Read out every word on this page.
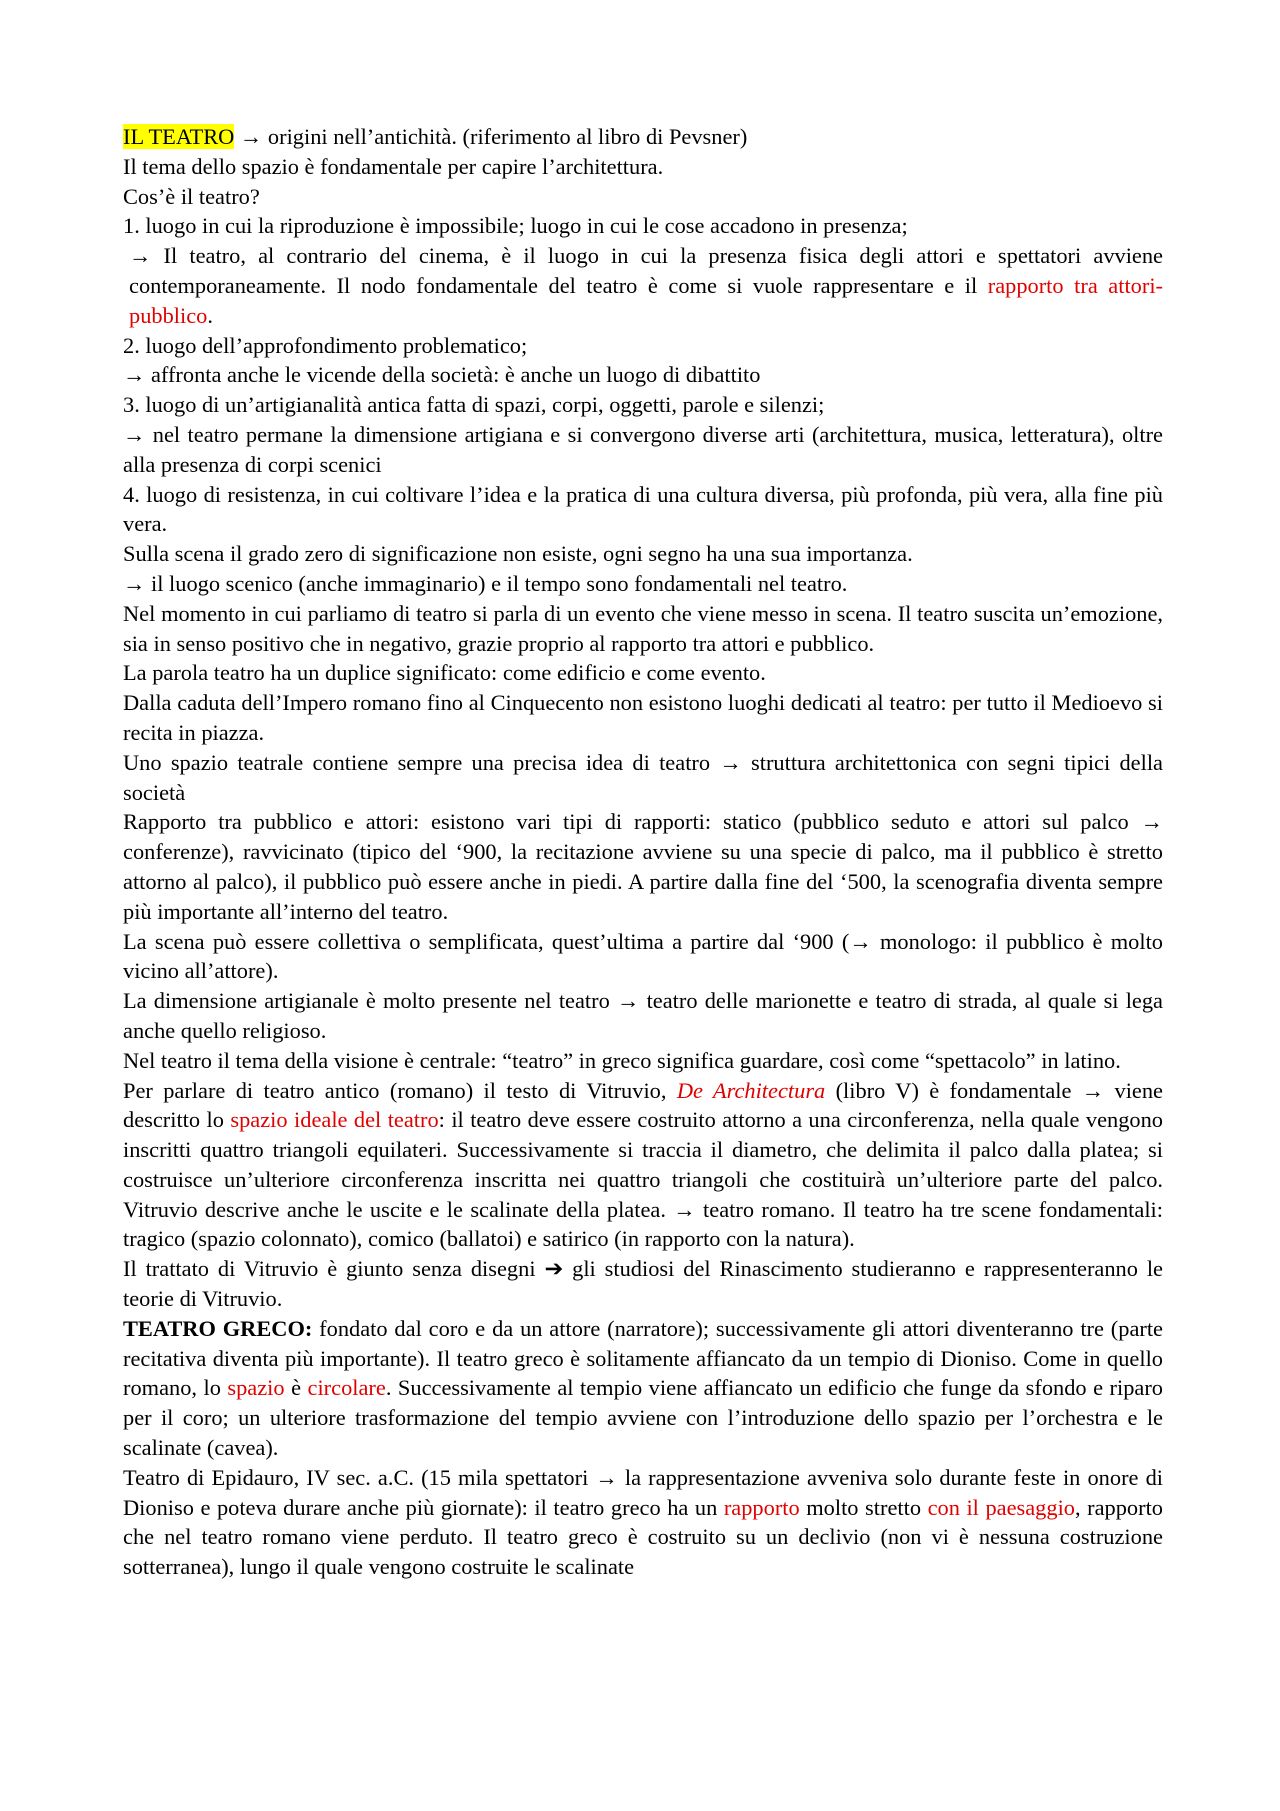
IL TEATRO → origini nell’antichità. (riferimento al libro di Pevsner)

Il tema dello spazio è fondamentale per capire l’architettura.

Cos’è il teatro?

1. luogo in cui la riproduzione è impossibile; luogo in cui le cose accadono in presenza;

→ Il teatro, al contrario del cinema, è il luogo in cui la presenza fisica degli attori e spettatori avviene contemporaneamente. Il nodo fondamentale del teatro è come si vuole rappresentare e il rapporto tra attori-pubblico.

2. luogo dell’approfondimento problematico;

→ affronta anche le vicende della società: è anche un luogo di dibattito

3. luogo di un’artigianalità antica fatta di spazi, corpi, oggetti, parole e silenzi;

→ nel teatro permane la dimensione artigiana e si convergono diverse arti (architettura, musica, letteratura), oltre alla presenza di corpi scenici

4. luogo di resistenza, in cui coltivare l’idea e la pratica di una cultura diversa, più profonda, più vera, alla fine più vera.

Sulla scena il grado zero di significazione non esiste, ogni segno ha una sua importanza.

→ il luogo scenico (anche immaginario) e il tempo sono fondamentali nel teatro.

Nel momento in cui parliamo di teatro si parla di un evento che viene messo in scena. Il teatro suscita un’emozione, sia in senso positivo che in negativo, grazie proprio al rapporto tra attori e pubblico.

La parola teatro ha un duplice significato: come edificio e come evento.

Dalla caduta dell’Impero romano fino al Cinquecento non esistono luoghi dedicati al teatro: per tutto il Medioevo si recita in piazza.

Uno spazio teatrale contiene sempre una precisa idea di teatro → struttura architettonica con segni tipici della società

Rapporto tra pubblico e attori: esistono vari tipi di rapporti: statico (pubblico seduto e attori sul palco → conferenze), ravvicinato (tipico del ‘900, la recitazione avviene su una specie di palco, ma il pubblico è stretto attorno al palco), il pubblico può essere anche in piedi. A partire dalla fine del ‘500, la scenografia diventa sempre più importante all’interno del teatro.

La scena può essere collettiva o semplificata, quest’ultima a partire dal ‘900 (→ monologo: il pubblico è molto vicino all’attore).

La dimensione artigianale è molto presente nel teatro → teatro delle marionette e teatro di strada, al quale si lega anche quello religioso.

Nel teatro il tema della visione è centrale: “teatro” in greco significa guardare, così come “spettacolo” in latino.

Per parlare di teatro antico (romano) il testo di Vitruvio, De Architectura (libro V) è fondamentale → viene descritto lo spazio ideale del teatro: il teatro deve essere costruito attorno a una circonferenza, nella quale vengono inscritti quattro triangoli equilateri. Successivamente si traccia il diametro, che delimita il palco dalla platea; si costruisce un’ulteriore circonferenza inscritta nei quattro triangoli che costituirà un’ulteriore parte del palco. Vitruvio descrive anche le uscite e le scalinate della platea. → teatro romano. Il teatro ha tre scene fondamentali: tragico (spazio colonnato), comico (ballatoi) e satirico (in rapporto con la natura).

Il trattato di Vitruvio è giunto senza disegni ➔ gli studiosi del Rinascimento studieranno e rappresenteranno le teorie di Vitruvio.

TEATRO GRECO: fondato dal coro e da un attore (narratore); successivamente gli attori diventeranno tre (parte recitativa diventa più importante). Il teatro greco è solitamente affiancato da un tempio di Dioniso. Come in quello romano, lo spazio è circolare. Successivamente al tempio viene affiancato un edificio che funge da sfondo e riparo per il coro; un ulteriore trasformazione del tempio avviene con l’introduzione dello spazio per l’orchestra e le scalinate (cavea).

Teatro di Epidauro, IV sec. a.C. (15 mila spettatori → la rappresentazione avveniva solo durante feste in onore di Dioniso e poteva durare anche più giornate): il teatro greco ha un rapporto molto stretto con il paesaggio, rapporto che nel teatro romano viene perduto. Il teatro greco è costruito su un declivio (non vi è nessuna costruzione sotterranea), lungo il quale vengono costruite le scalinate
